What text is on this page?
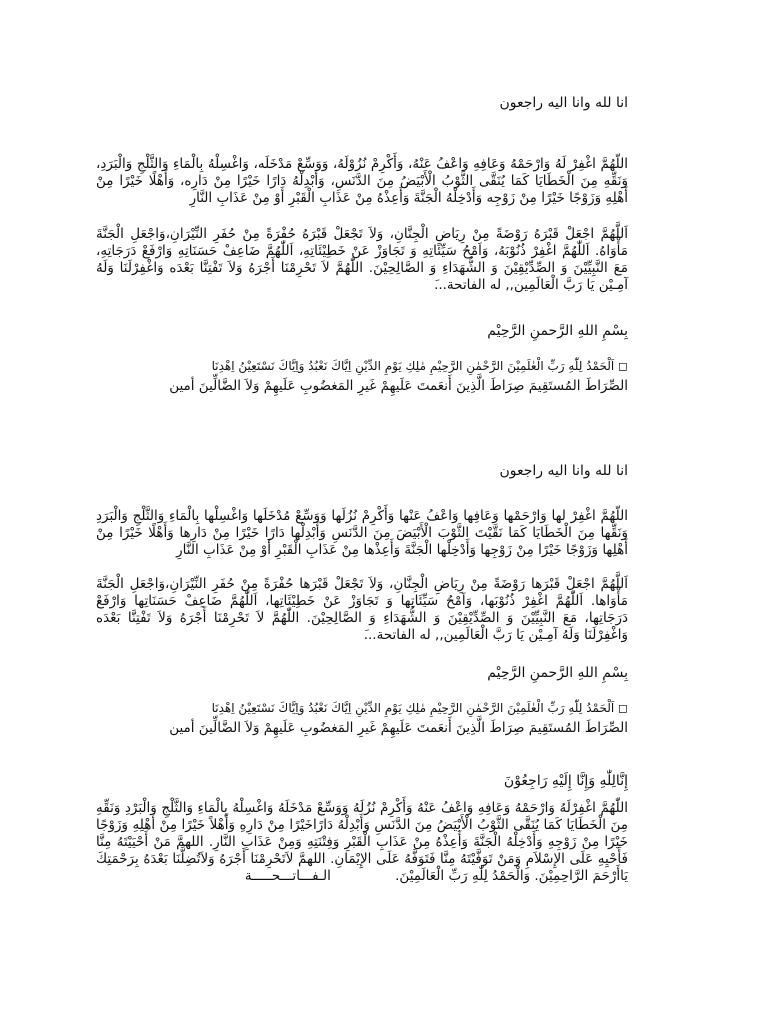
انا لله وانا اليه راجعون
اللّهُمَّ اغْفِرْ لَهُ وَارْحَمْهُ وَعَافِهِ وَاعْفُ عَنْهُ، وَأَكْرِمْ نُزُوْلَهُ، وَوَسِّعْ مَدْخَلَه، وَاغْسِلْهُ بِالْمَاءِ وَالثَّلْجِ وَالْبَرَدِ، وَنَقِّهِ مِنَ الْخَطَايَا كَمَا يُنَقَّى الثَّوْبُ الْأَبْيَضُ مِنَ الدَّنَسِ، وَأَبْدِلْهُ دَارًا خَيْرًا مِنْ دَارِه، وَأَهْلًا خَيْرًا مِنْ أَهْلِهِ وَزَوْجًا خَيْرًا مِنْ زَوْجِه وَأَدْخِلْهُ الْجَنَّةَ وَأَعِذْهُ مِنْ عَذَابِ الْقَبْرِ أَوْ مِنْ عَذَابِ النَّارِ
اَللَّهُمَّ اجْعَلْ قَبْرَهُ رَوْضَةً مِنْ رِيَاضِ الْجِنَّانِ، وَلاَ تَجْعَلْ قَبْرَهُ حُفْرَةً مِنْ حُفَرِ النِّيْرَانِ،وَاجْعَلِ الْجَنَّةَ مَأْوَاهُ. اَللّٰهُمَّ اغْفِرْ ذُنُوْبَهُ، وَاَمْحُ سَيِّئَاتِهِ وَ تَجَاوَزْ عَنْ خَطِيْئَاتِهِ، اَللّٰهُمَّ ضَاعِفْ حَسَنَاتِهِ وَارْفَعْ دَرَجَاتِهِ، مَعَ النَّبِيِّيْنَ وَ الصِّدِّيْقِيْنَ وَ الشُّهَدَاءِ وَ الصَّالِحِيْنَ. اللّٰهُمَّ لاَ تَحْرِمْنَا أَجْرَهُ وَلاَ تَفْتِنَّا بَعْدَه وَاغْفِرْلَنَا وَلَهُ آمِـيْن يَا رَبَّ الْعَالَمِين,, له الفاتحة...َ
بِسْمِ اللهِ الرَّحمنِ الرَّحِيْم
◻ اَلْحَمْدُ لِلّٰهِ رَبِّ الْعٰلَمِيْنَ الرَّحْمٰنِ الرَّحِيْمِ مٰلِكِ يَوْمِ الدِّيْنِ اِيَّاكَ نَعْبُدُ وَاِيَّاكَ نَسْتَعِيْنُ اِهْدِنَا
الصِّرَاطَ المُستَقِيمَ صِرَاطَ الَّذِينَ أَنعَمتَ عَلَيهِمْ غَيرِ المَغضُوبِ عَلَيهِمْ وَلاَ الضَّالِّينَ أمين
انا لله وانا اليه راجعون
اللّهُمَّ اغْفِرْ لها وَارْحَمْها وَعَافِها وَاعْفُ عَنْها وَأَكْرِمْ نُزُلَها وَوَسِّعْ مُدْخَلَها وَاغْسِلْها بِالْمَاءِ وَالثَّلْجِ وَالْبَرَدِ وَنَقِّها مِنَ الْخَطَايَا كَمَا نَقَّيْتَ الثَّوْبَ الْأَبْيَضَ مِنَ الدَّنَسِ وَأَبْدِلْها دَارًا خَيْرًا مِنْ دَارِها وَأَهْلًا خَيْرًا مِنْ أَهْلِها وَزَوْجًا خَيْرًا مِنْ زَوْجِها وَأَدْخِلْها الْجَنَّةَ وَأَعِذْها مِنْ عَذَابِ الْقَبْرِ أَوْ مِنْ عَذَابِ النَّارِ
اَللَّهُمَّ اجْعَلْ قَبْرَها رَوْضَةً مِنْ رِيَاضِ الْجِنَّانِ، وَلاَ تَجْعَلْ قَبْرَها حُفْرَةً مِنْ حُفَرِ النِّيْرَانِ،وَاجْعَلِ الْجَنَّةَ مَأْوَاها. اَللّٰهُمَّ اغْفِرْ ذُنُوْبَها، وَاَمْحُ سَيِّئَاتِها وَ تَجَاوَزْ عَنْ خَطِيْئَاتِها، اَللّٰهُمَّ ضَاعِفْ حَسَنَاتِها وَارْفَعْ دَرَجَاتِها، مَعَ النَّبِيِّيْنَ وَ الصِّدِّيْقِيْنَ وَ الشُّهَدَاءِ وَ الصَّالِحِيْنَ. اللّٰهُمَّ لاَ تَحْرِمْنَا أَجْرَهُ وَلاَ تَفْتِنَّا بَعْدَه وَاغْفِرْلَنَا وَلَهُ آمِـيْن يَا رَبَّ الْعَالَمِين,, له الفاتحة...َ
بِسْمِ اللهِ الرَّحمنِ الرَّحِيْم
◻ اَلْحَمْدُ لِلّٰهِ رَبِّ الْعٰلَمِيْنَ الرَّحْمٰنِ الرَّحِيْمِ مٰلِكِ يَوْمِ الدِّيْنِ اِيَّاكَ نَعْبُدُ وَاِيَّاكَ نَسْتَعِيْنُ اِهْدِنَا
الصِّرَاطَ المُستَقِيمَ صِرَاطَ الَّذِينَ أَنعَمتَ عَلَيهِمْ غَيرِ المَغضُوبِ عَلَيهِمْ وَلاَ الضَّالِّينَ أمين
إِنَّالِلّٰهِ وَإِنَّا إِلَيْهِ رَاجِعُوْنَ
اللّٰهُمَّ اغْفِرْلَهُ وَارْحَمْهُ وَعَافِهِ وَاعْفُ عَنْهُ وَأَكْرِمْ نُزُلَهُ وَوَسِّعْ مَدْخَلَهُ وَاغْسِلْهُ بِالْمَاءِ وَالثَّلْجِ وَالْبَرْدِ وَنَقِّهِ مِنَ الْخَطَايَا كَمَا يُنَقَّى الثَّوْبُ الْأَبْيَضُ مِنَ الدَّنَسِ وَأَبْدِلْهُ دَارًاخَيْرًا مِنْ دَارِهِ وَأَهْلاً خَيْرًا مِنْ أَهْلِهِ وَزَوْجًا خَيْرًا مِنْ زَوْجِهِ وَأَدْخِلْهُ الْجَنَّةَ وَأَعِذْهُ مِنْ عَذَابِ الْقَبْرِ وَفِتْنَتِهِ وَمِنْ عَذَابِ النَّارِ. اللهمَّ مَنْ أَحْيَيْتَهُ مِنَّا فَأَحْيِهِ عَلَى الإِسْلاَمِ وَمَنْ تَوَفَّيْتَهُ مِنَّا فَتَوَفَّهُ عَلَى الإِيْمَانِ. اللهمَّ لاَتَحْرِمْنَا أَجْرَهُ وَلاَتُضِلَّنَا بَعْدَهُ بِرَحْمَتِكَ يَاأَرْحَمَ الرَّاحِمِيْنَ. وَالْحَمْدُ لِلّٰهِ رَبِّ الْعَالَمِيْنَ. الـفـــاتـــحـــــة
